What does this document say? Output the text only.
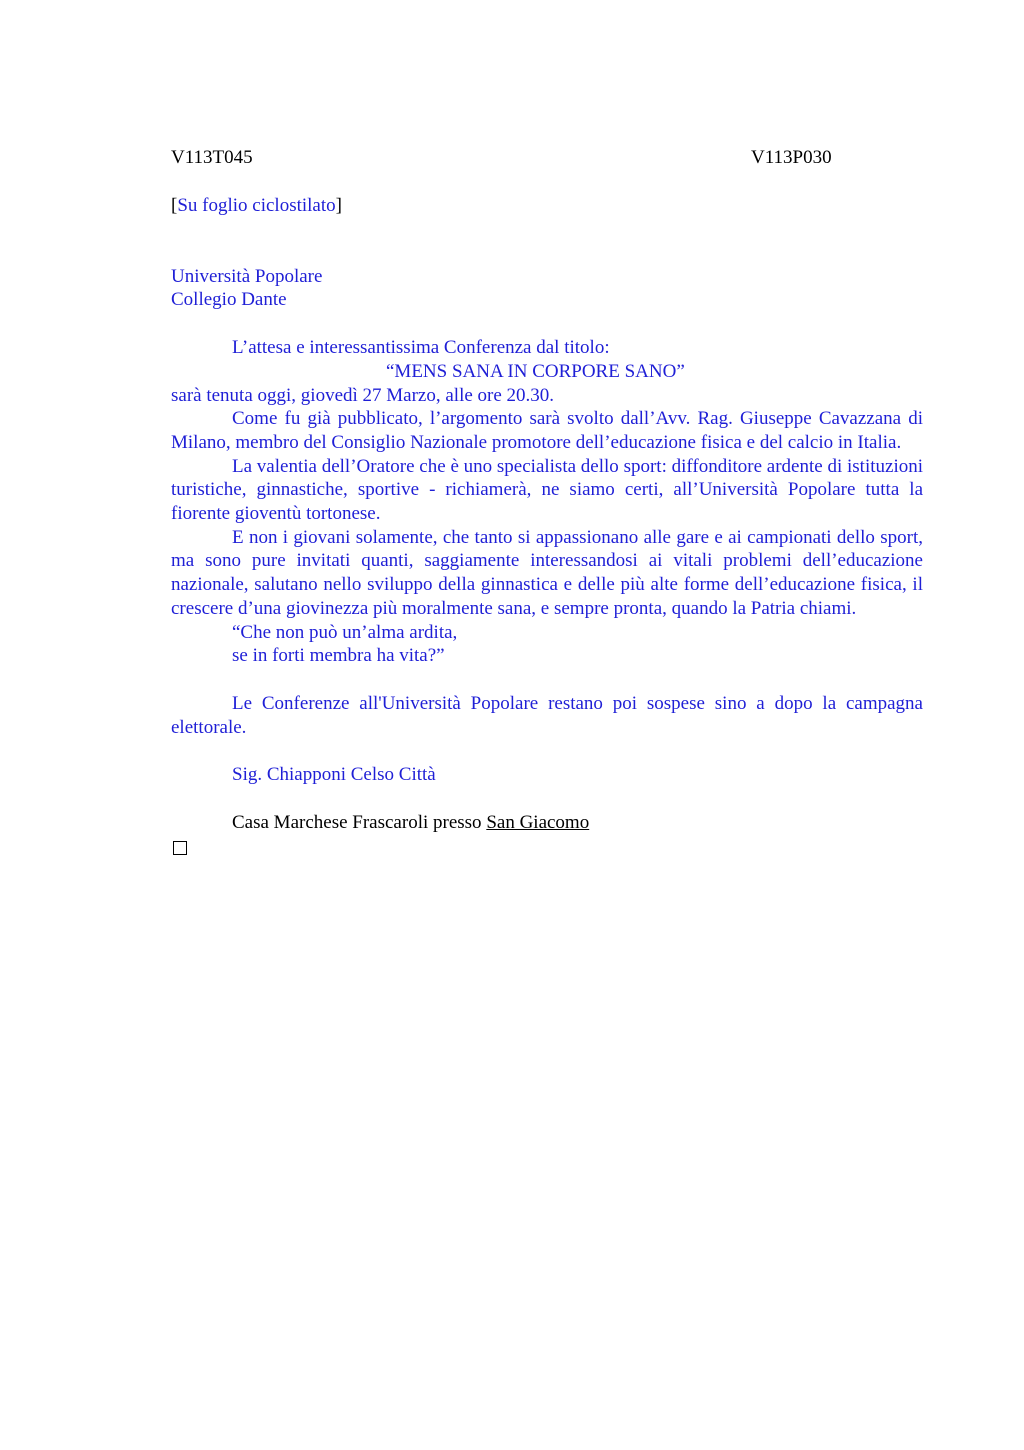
V113T045	V113P030

[Su foglio ciclostilato]

Università Popolare

Collegio Dante

L’attesa e interessantissima Conferenza dal titolo:

“MENS SANA IN CORPORE SANO”

sarà tenuta oggi, giovedì 27 Marzo, alle ore 20.30.

Come fu già pubblicato, l’argomento sarà svolto dall’Avv. Rag. Giuseppe Cavazzana di Milano, membro del Consiglio Nazionale promotore dell’educazione fisica e del calcio in Italia.

La valentia dell’Oratore che è uno specialista dello sport: diffonditore ardente di istituzioni turistiche, ginnastiche, sportive - richiamerà, ne siamo certi, all’Università Popolare tutta la fiorente gioventù tortonese.

E non i giovani solamente, che tanto si appassionano alle gare e ai campionati dello sport, ma sono pure invitati quanti, saggiamente interessandosi ai vitali problemi dell’educazione nazionale, salutano nello sviluppo della ginnastica e delle più alte forme dell’educazione fisica, il crescere d’una giovinezza più moralmente sana, e sempre pronta, quando la Patria chiami.

“Che non può un’alma ardita,

se in forti membra ha vita?”

Le Conferenze all'Università Popolare restano poi sospese sino a dopo la campagna elettorale.

Sig. Chiapponi Celso Città

Casa Marchese Frascaroli presso San Giacomo
